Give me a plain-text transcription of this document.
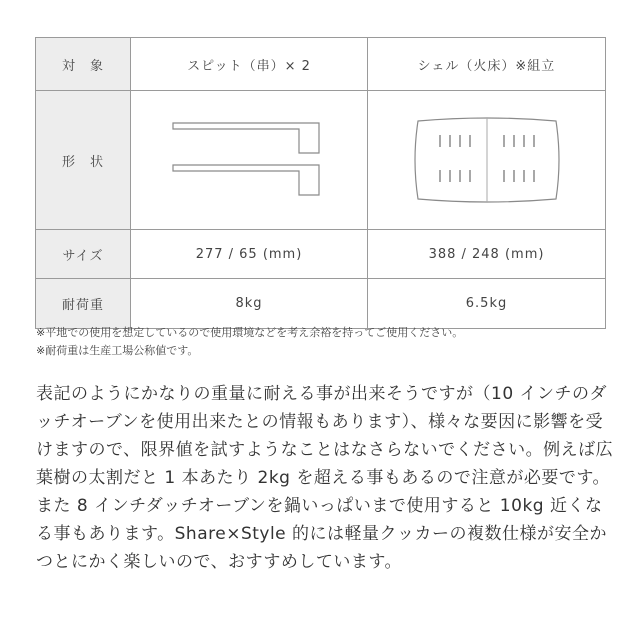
対　象	スピット（串）× 2	シェル（火床）※組立
形　状	

サイズ	277 / 65 (mm)	388 / 248 (mm)
耐荷重	8kg	6.5kg
※平地での使用を想定しているので使用環境などを考え余裕を持ってご使用ください。
※耐荷重は生産工場公称値です。

表記のようにかなりの重量に耐える事が出来そうですが（10 インチのダッチオーブンを使用出来たとの情報もあります）、様々な要因に影響を受けますので、限界値を試すようなことはなさらないでください。例えば広葉樹の太割だと 1 本あたり 2kg を超える事もあるので注意が必要です。また 8 インチダッチオーブンを鍋いっぱいまで使用すると 10kg 近くなる事もあります。Share×Style 的には軽量クッカーの複数仕様が安全かつとにかく楽しいので、おすすめしています。
